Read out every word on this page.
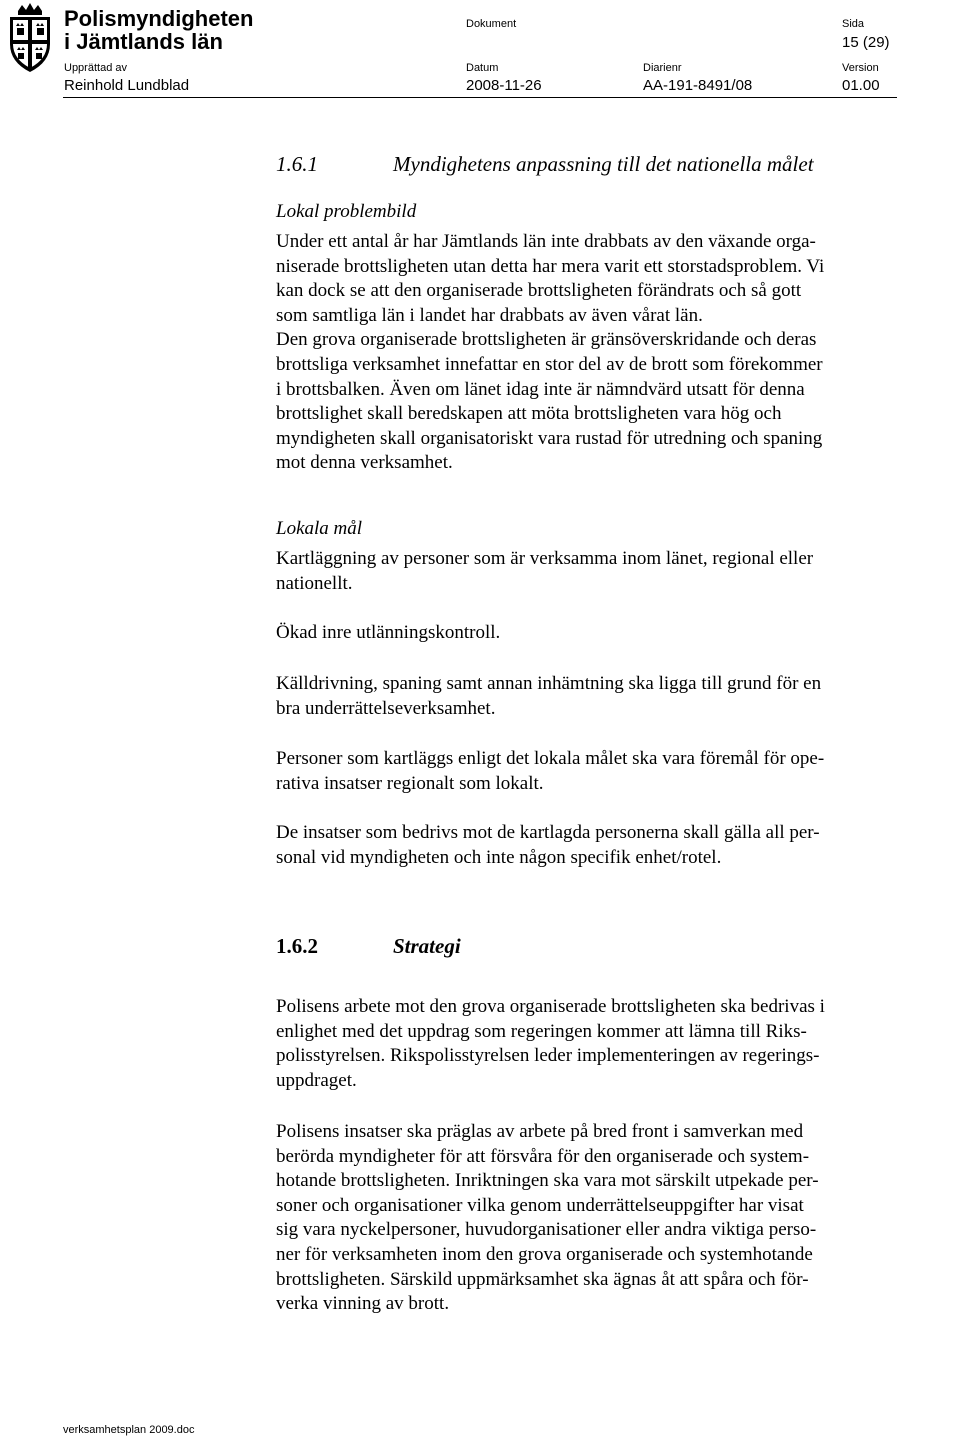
Polismyndigheten
i Jämtlands län
Dokument	Sida
15 (29)
Upprättad av
Reinhold Lundblad
Datum
2008-11-26
Diarienr
AA-191-8491/08
Version
01.00
1.6.1	Myndighetens anpassning till det nationella målet
Lokal problembild
Under ett antal år har Jämtlands län inte drabbats av den växande orga-
niserade brottsligheten utan detta har mera varit ett storstadsproblem. Vi
kan dock se att den organiserade brottsligheten förändrats och så gott
som samtliga län i landet har drabbats av även vårat län.
Den grova organiserade brottsligheten är gränsöverskridande och deras
brottsliga verksamhet innefattar en stor del av de brott som förekommer
i brottsbalken. Även om länet idag inte är nämndvärd utsatt för denna
brottslighet skall beredskapen att möta brottsligheten vara hög och
myndigheten skall organisatoriskt vara rustad för utredning och spaning
mot denna verksamhet.
Lokala mål
Kartläggning av personer som är verksamma inom länet, regional eller
nationellt.
Ökad inre utlänningskontroll.
Källdrivning, spaning samt annan inhämtning ska ligga till grund för en
bra underrättelseverksamhet.
Personer som kartläggs enligt det lokala målet ska vara föremål för ope-
rativa insatser regionalt som lokalt.
De insatser som bedrivs mot de kartlagda personerna skall gälla all per-
sonal vid myndigheten och inte någon specifik enhet/rotel.
1.6.2	Strategi
Polisens arbete mot den grova organiserade brottsligheten ska bedrivas i
enlighet med det uppdrag som regeringen kommer att lämna till Riks-
polisstyrelsen. Rikspolisstyrelsen leder implementeringen av regerings-
uppdraget.
Polisens insatser ska präglas av arbete på bred front i samverkan med
berörda myndigheter för att försvåra för den organiserade och system-
hotande brottsligheten. Inriktningen ska vara mot särskilt utpekade per-
soner och organisationer vilka genom underrättelseuppgifter har visat
sig vara nyckelpersoner, huvudorganisationer eller andra viktiga perso-
ner för verksamheten inom den grova organiserade och systemhotande
brottsligheten. Särskild uppmärksamhet ska ägnas åt att spåra och för-
verka vinning av brott.
verksamhetsplan 2009.doc
